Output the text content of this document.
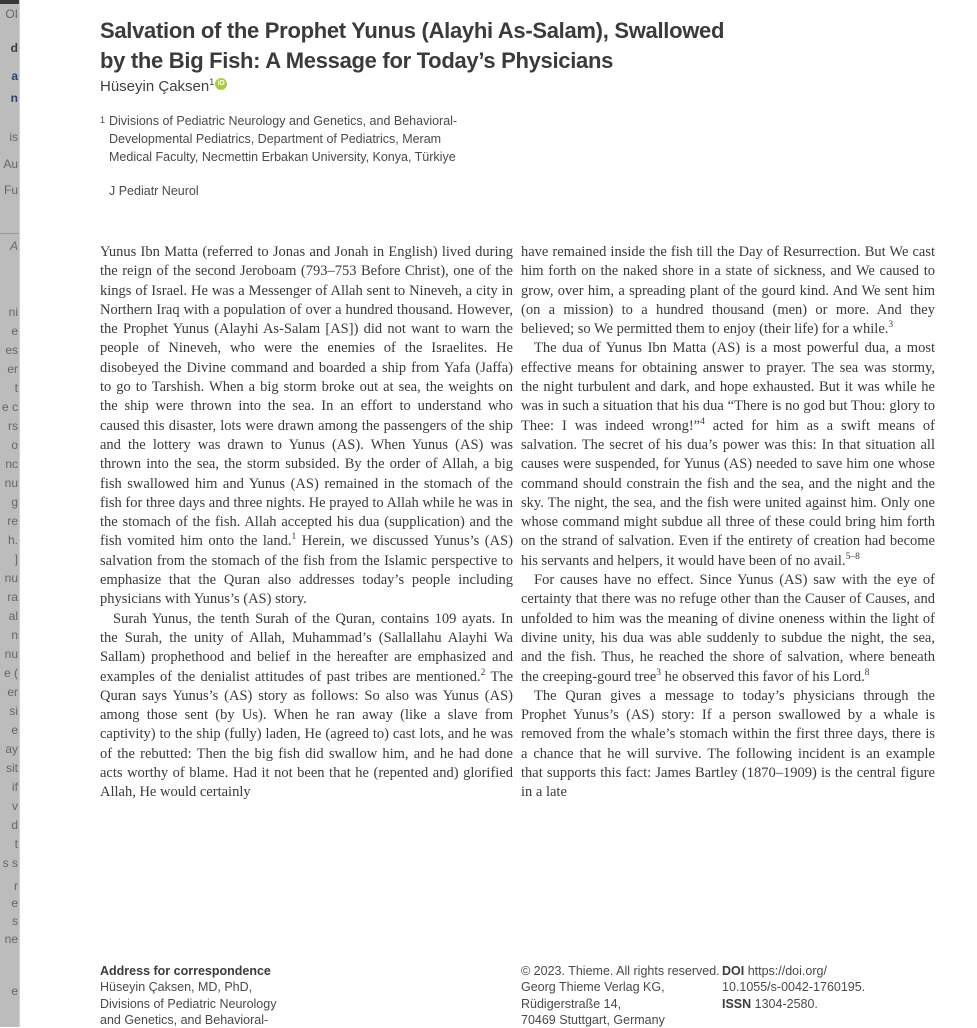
OI
d
a
n
is
Au
Fu
A
ni
e
es
er
t
e c
rs
o
nc
nu
g
re
h.
]
nu
ra
al
n
nu
e (
er
si
e
ay
sit
if
v
d
t
s s
r
e
s
ne
e
Salvation of the Prophet Yunus (Alayhi As-Salam), Swallowed
by the Big Fish: A Message for Today’s Physicians
Hüseyin Çaksen$^1$ iD
1 Divisions of Pediatric Neurology and Genetics, and Behavioral-
Developmental Pediatrics, Department of Pediatrics, Meram
Medical Faculty, Necmettin Erbakan University, Konya, Türkiye
J Pediatr Neurol

Yunus Ibn Matta (referred to Jonas and Jonah in English) lived during the reign of the second Jeroboam (793–753 Before Christ), one of the kings of Israel. He was a Messenger of Allah sent to Nineveh, a city in Northern Iraq with a population of over a hundred thousand. However, the Prophet Yunus (Alayhi As-Salam [AS]) did not want to warn the people of Nineveh, who were the enemies of the Israelites. He disobeyed the Divine command and boarded a ship from Yafa (Jaffa) to go to Tarshish. When a big storm broke out at sea, the weights on the ship were thrown into the sea. In an effort to understand who caused this disaster, lots were drawn among the passengers of the ship and the lottery was drawn to Yunus (AS). When Yunus (AS) was thrown into the sea, the storm subsided. By the order of Allah, a big fish swallowed him and Yunus (AS) remained in the stomach of the fish for three days and three nights. He prayed to Allah while he was in the stomach of the fish. Allah accepted his dua (supplication) and the fish vomited him onto the land.$^1$ Herein, we discussed Yunus’s (AS) salvation from the stomach of the fish from the Islamic perspective to emphasize that the Quran also addresses today’s people including physicians with Yunus’s (AS) story.

Surah Yunus, the tenth Surah of the Quran, contains 109 ayats. In the Surah, the unity of Allah, Muhammad’s (Sallallahu Alayhi Wa Sallam) prophethood and belief in the hereafter are emphasized and examples of the denialist attitudes of past tribes are mentioned.$^2$ The Quran says Yunus’s (AS) story as follows: So also was Yunus (AS) among those sent (by Us). When he ran away (like a slave from captivity) to the ship (fully) laden, He (agreed to) cast lots, and he was of the rebutted: Then the big fish did swallow him, and he had done acts worthy of blame. Had it not been that he (repented and) glorified Allah, He would certainly

have remained inside the fish till the Day of Resurrection. But We cast him forth on the naked shore in a state of sickness, and We caused to grow, over him, a spreading plant of the gourd kind. And We sent him (on a mission) to a hundred thousand (men) or more. And they believed; so We permitted them to enjoy (their life) for a while.$^3$

The dua of Yunus Ibn Matta (AS) is a most powerful dua, a most effective means for obtaining answer to prayer. The sea was stormy, the night turbulent and dark, and hope exhausted. But it was while he was in such a situation that his dua “There is no god but Thou: glory to Thee: I was indeed wrong!”$^4$ acted for him as a swift means of salvation. The secret of his dua’s power was this: In that situation all causes were suspended, for Yunus (AS) needed to save him one whose command should constrain the fish and the sea, and the night and the sky. The night, the sea, and the fish were united against him. Only one whose command might subdue all three of these could bring him forth on the strand of salvation. Even if the entirety of creation had become his servants and helpers, it would have been of no avail.$^{5-8}$

For causes have no effect. Since Yunus (AS) saw with the eye of certainty that there was no refuge other than the Causer of Causes, and unfolded to him was the meaning of divine oneness within the light of divine unity, his dua was able suddenly to subdue the night, the sea, and the fish. Thus, he reached the shore of salvation, where beneath the creeping-gourd tree$^3$ he observed this favor of his Lord.$^8$

The Quran gives a message to today’s physicians through the Prophet Yunus’s (AS) story: If a person swallowed by a whale is removed from the whale’s stomach within the first three days, there is a chance that he will survive. The following incident is an example that supports this fact: James Bartley (1870–1909) is the central figure in a late

Address for correspondence
Hüseyin Çaksen, MD, PhD,
Divisions of Pediatric Neurology
and Genetics, and Behavioral-
© 2023. Thieme. All rights reserved.
Georg Thieme Verlag KG,
Rüdigerstraße 14,
70469 Stuttgart, Germany
DOI https://doi.org/
10.1055/s-0042-1760195.
ISSN 1304-2580.
